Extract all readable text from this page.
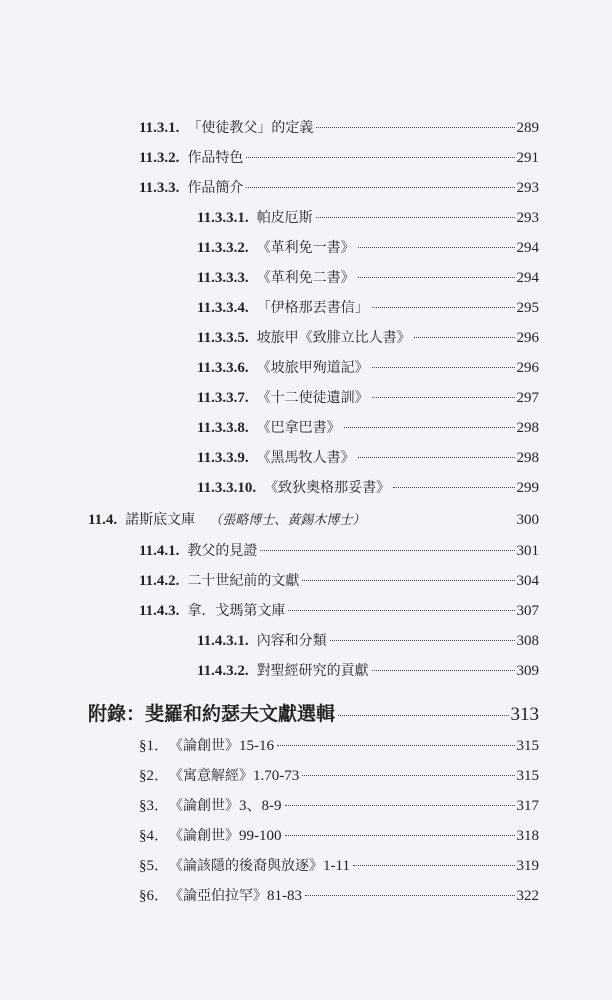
11.3.1. 「使徒教父」的定義	289
11.3.2. 作品特色	291
11.3.3. 作品簡介	293
11.3.3.1. 帕皮厄斯	293
11.3.3.2. 《革利免一書》	294
11.3.3.3. 《革利免二書》	294
11.3.3.4. 「伊格那丟書信」	295
11.3.3.5. 坡旅甲《致腓立比人書》	296
11.3.3.6. 《坡旅甲殉道記》	296
11.3.3.7. 《十二使徒遺訓》	297
11.3.3.8. 《巴拿巴書》	298
11.3.3.9. 《黑馬牧人書》	298
11.3.3.10. 《致狄奧格那妥書》	299
11.4. 諾斯底文庫 （張略博士、黃錫木博士）	300
11.4.1. 教父的見證	301
11.4.2. 二十世紀前的文獻	304
11.4.3. 拿．戈瑪第文庫	307
11.4.3.1. 內容和分類	308
11.4.3.2. 對聖經研究的貢獻	309
附錄：斐羅和約瑟夫文獻選輯	313
§1． 《論創世》 15-16	315
§2． 《寓意解經》 1.70-73	315
§3． 《論創世》 3、8-9	317
§4． 《論創世》 99-100	318
§5． 《論該隱的後裔與放逐》 1-11	319
§6． 《論亞伯拉罕》 81-83	322
